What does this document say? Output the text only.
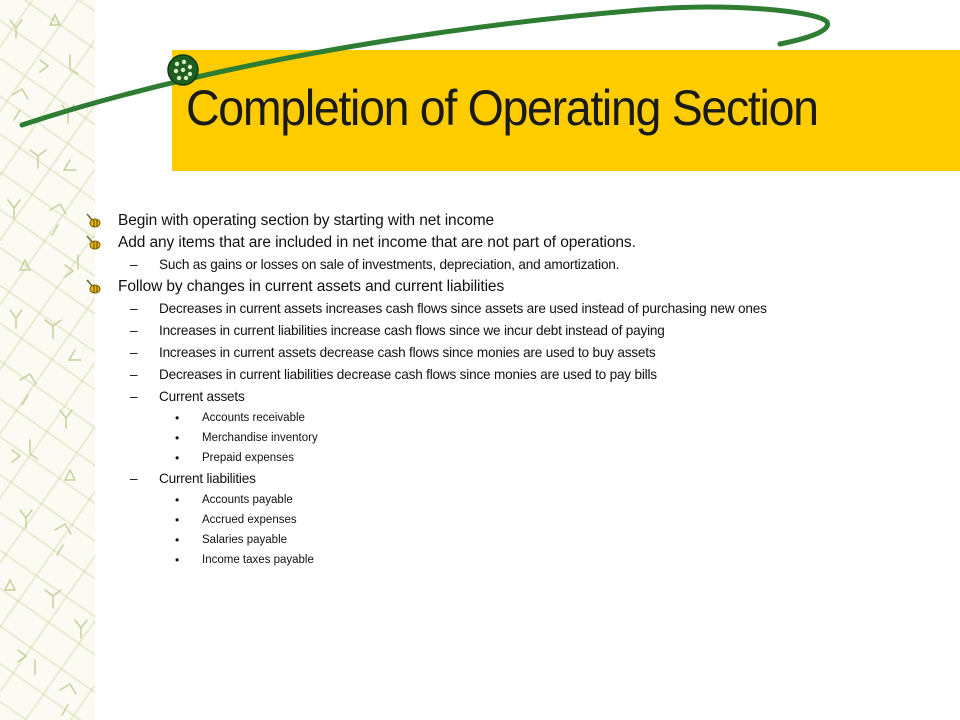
Completion of Operating Section
Begin with operating section by starting with net income
Add any items that are included in net income that are not part of operations.
– Such as gains or losses on sale of investments, depreciation, and amortization.
Follow by changes in current assets and current liabilities
– Decreases in current assets increases cash flows since assets are used instead of purchasing new ones
– Increases in current liabilities increase cash flows since we incur debt instead of paying
– Increases in current assets decrease cash flows since monies are used to buy assets
– Decreases in current liabilities decrease cash flows since monies are used to pay bills
– Current assets
• Accounts receivable
• Merchandise inventory
• Prepaid expenses
– Current liabilities
• Accounts payable
• Accrued expenses
• Salaries payable
• Income taxes payable
